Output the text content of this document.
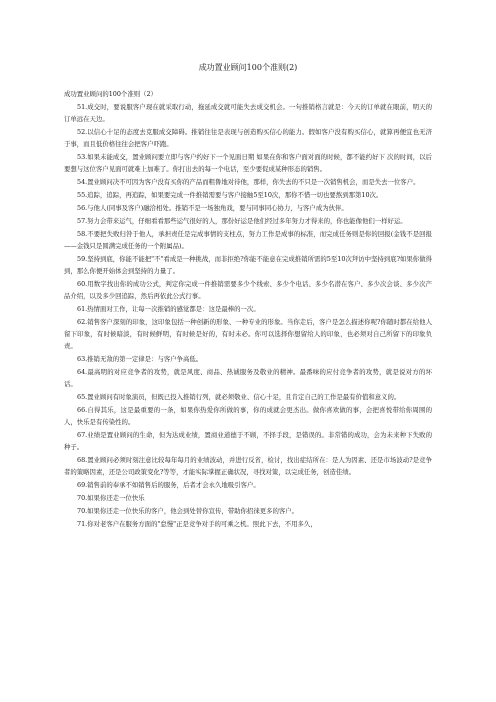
成功置业顾问100个准则(2)
成功置业顾问的100个准则（2）
51.成交时，要说服客户现在就采取行动，拖延成交就可能失去成交机会。一句推销格言就是：今天的订单就在眼前，明天的订单远在天边。
52.以信心十足的态度去克服成交障碍。推销往往是表现与创造购买信心的能力。假如客户没有购买信心，就算再便宜也无济于事，而且低价格往往会把客户吓跑。
53.如果未能成交，置业顾问要立即与客户约好下一个见面日期 如果在你和客户面对面的时候，都不能约好下 次的时间，以后要想与这位客户见面可就难上加难了。你打出去的每一个电话，至少要促成某种形态的销售。
54.置业顾问决不可因为客户没有买你的产品而粗鲁地对待他，那样，你失去的不只是一次销售机会，而是失去一位客户。
55.追踪，追踪，再追踪，如果要完成一件推销需要与客户接触5至10次，那你不惜一切也要熬到那第10次。
56.与他人(同事及客户)融洽相处。推销不是一场独角戏，要与同事同心协力，与客户成为伙伴。
57.努力会带来运气，仔细看看那些运气很好的人，那份好运是他们经过多年努力才得来的，你也能像他们一样好运。
58.不要把失败归咎于他人，承担责任是完成事情的支柱点，努力工作是成事的标准，而完成任务则是你的回报(金钱不是回报——金钱只是圆满完成任务的一个附属品)。
59.坚持到底，你能不能把"不"看成是一种挑战，而非拒绝?你能不能意在完成推销所需的5至10次拜访中坚持到底?如果你做得到，那么你便开始体会到坚持的力量了。
60.用数字找出你的成功公式，判定你完成一件推销需要多少个线索、多少个电话、多少名潜在客户、多少次会谈、多少次产品介绍，以及多少回追踪，然后再依此公式行事。
61.热情面对工作，让每一次推销的感觉都是：这是最棒的一次。
62.销售客户深刻的印象，这印象包括一种创新的形象、一种专业的形象。当你走后，客户是怎么描述你呢?你随时都在给他人留下印象，有时候暗淡，有时候鲜明，有时候是好的，有时未必。你可以选择你想留给人的印象，也必须对自己所留下的印象负责。
63.推销无敌的第一定律是：与客户争高低。
64.最高明的对应竞争者的攻势，就是风度、商品、热诚服务及敬业的精神。最番味的应付竞争者的攻势，就是说对方的坏话。
65.置业顾问有时象演员，但既已投入推销行列，就必须敬业、信心十足，且肯定自己的工作是最有价值和意义的。
66.自得其乐，这是最重要的一条，如果你热爱你所做的事，你的成就会更杰出。做你喜欢做的事，会把喜悦带给你周围的人，快乐是有传染性的。
67.业绩是置业顾问的生命，但为达成业绩，置商业道德于不顾，不择手段，是错误的。非常错的成功，会为未来种下失败的种子。
68.置业顾问必须时刻注意比较每年每月的业绩波动，并进行反省，检讨，找出症结所在：是人为因素、还是市场波动?是竞争者的策略因素，还是公司政策变化?等等，才能实际掌握正确状况，寻找对策，以完成任务，创造佳绩。
69.销售前的奉承不如销售后的服务，后者才会永久地吸引客户。
70.如果你还走一位快乐
70.如果你还走一位快乐的客户，他会到处替你宣传，带助你招徕更多的客户。
71.你对老客户在服务方面的"怠慢"正是竞争对手的可乘之机。照此下去，不用多久，
